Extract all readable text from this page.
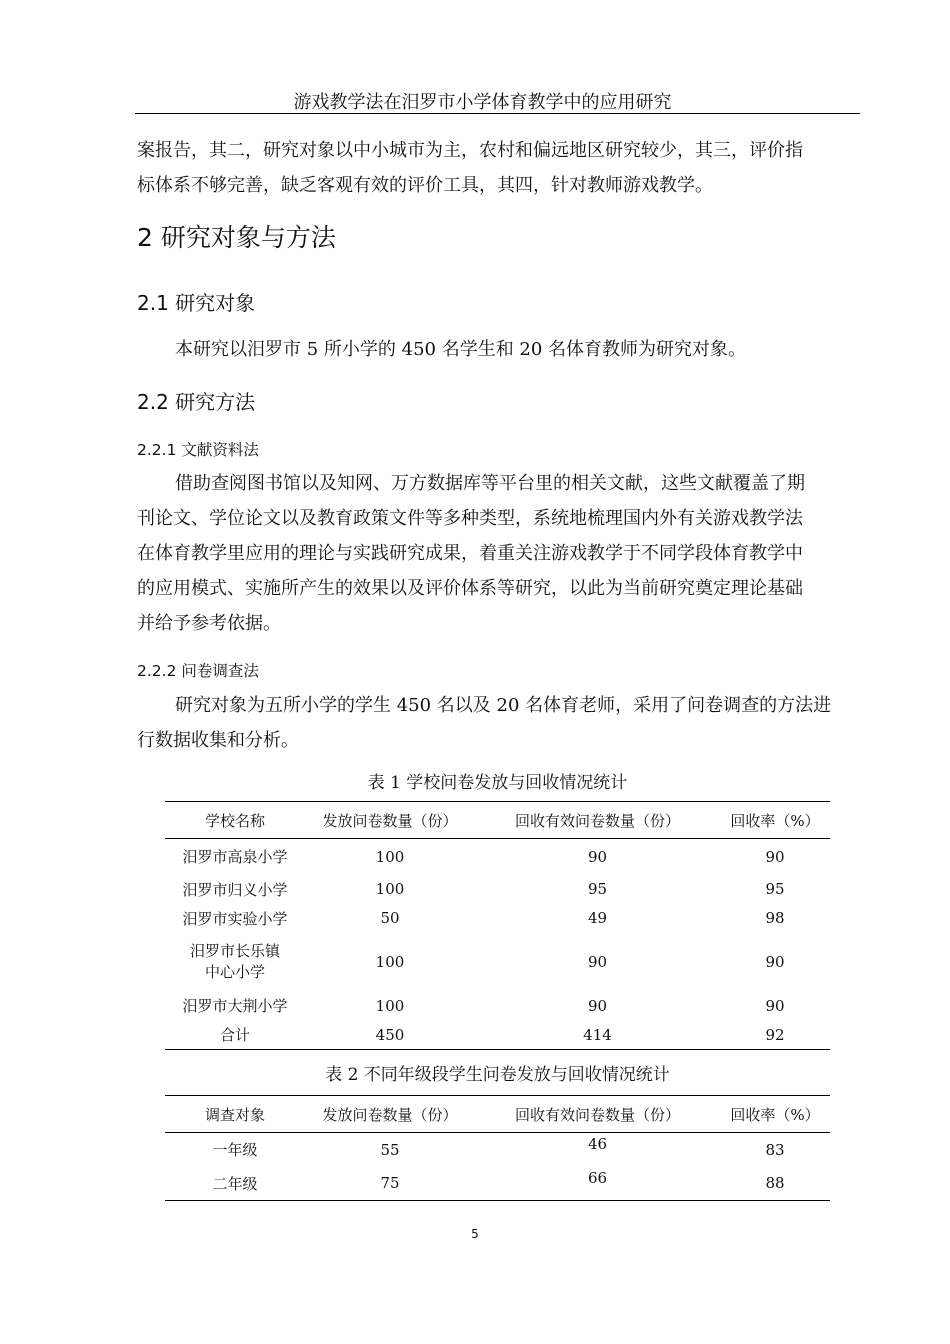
游戏教学法在汨罗市小学体育教学中的应用研究

案报告，其二，研究对象以中小城市为主，农村和偏远地区研究较少，其三，评价指

标体系不够完善，缺乏客观有效的评价工具，其四，针对教师游戏教学。

2 研究对象与方法
2.1 研究对象

本研究以汨罗市 5 所小学的 450 名学生和 20 名体育教师为研究对象。

2.2 研究方法
2.2.1 文献资料法

借助查阅图书馆以及知网、万方数据库等平台里的相关文献，这些文献覆盖了期

刊论文、学位论文以及教育政策文件等多种类型，系统地梳理国内外有关游戏教学法

在体育教学里应用的理论与实践研究成果，着重关注游戏教学于不同学段体育教学中

的应用模式、实施所产生的效果以及评价体系等研究，以此为当前研究奠定理论基础

并给予参考依据。

2.2.2 问卷调查法

研究对象为五所小学的学生 450 名以及 20 名体育老师，采用了问卷调查的方法进

行数据收集和分析。

表 1 学校问卷发放与回收情况统计
学校名称	发放问卷数量（份）	回收有效问卷数量（份）	回收率（%）
汨罗市高泉小学	100	90	90
汨罗市归义小学	100	95	95
汨罗市实验小学	50	49	98

汨罗市长乐镇
中心小学	100	90	90
汨罗市大荆小学	100	90	90
合计	450	414	92
表 2 不同年级段学生问卷发放与回收情况统计
调查对象	发放问卷数量（份）	回收有效问卷数量（份）	回收率（%）
一年级	55	46	83
二年级	75	66	88
5
